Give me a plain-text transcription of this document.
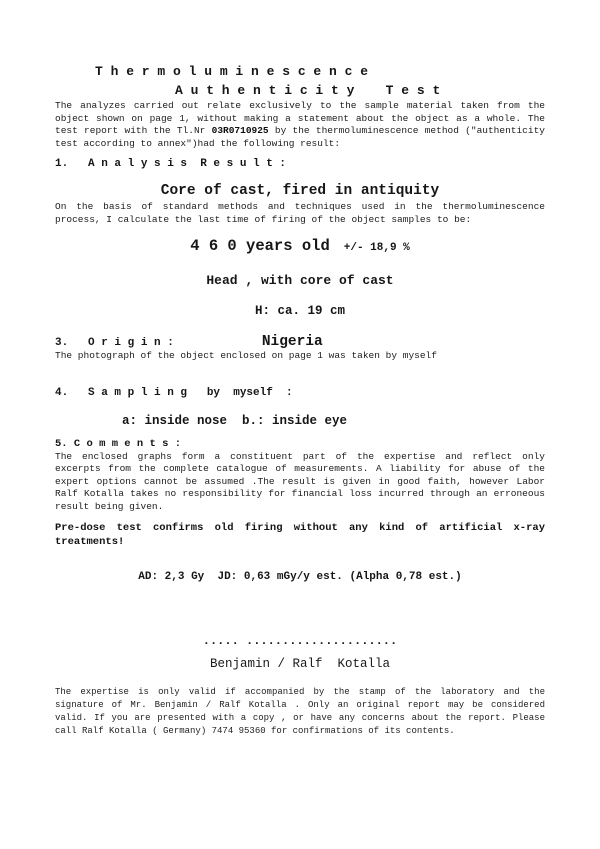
T h e r m o l u m i n e s c e n c e
A u t h e n t i c i t y    T e s t

The analyzes carried out relate exclusively to the sample material taken from the object shown on page 1, without making a statement about the object as a whole. The test report with the Tl.Nr 03R0710925 by the thermoluminescence method ("authenticity test according to annex")had the following result:

1.   A n a l y s i s  R e s u l t :
Core of cast, fired in antiquity

On the basis of standard methods and techniques used in the thermoluminescence process, I calculate the last time of firing of the object samples to be:

4 6 0 years old +/- 18,9 %
Head , with core of cast
H: ca. 19 cm
3.   O r i g i n :	Nigeria

The photograph of the object enclosed on page 1 was taken by myself

4.   S a m p l i n g   by  myself  :
a: inside nose  b.: inside eye
5. C o m m e n t s :

The enclosed graphs form a constituent part of the expertise and reflect only excerpts from the complete catalogue of measurements. A liability for abuse of the expert options cannot be assumed .The result is given in good faith, however Labor Ralf Kotalla takes no responsibility for financial loss incurred through an erroneous result being given.

Pre-dose test confirms old firing without any kind of artificial x-ray treatments!

AD: 2,3 Gy  JD: 0,63 mGy/y est. (Alpha 0,78 est.)
..... .....................
Benjamin / Ralf  Kotalla

The expertise is only valid if accompanied by the stamp of the laboratory and the signature of Mr. Benjamin / Ralf Kotalla . Only an original report may be considered valid. If you are presented with a copy , or have any concerns about the report. Please call Ralf Kotalla ( Germany) 7474 95360 for confirmations of its contents.
